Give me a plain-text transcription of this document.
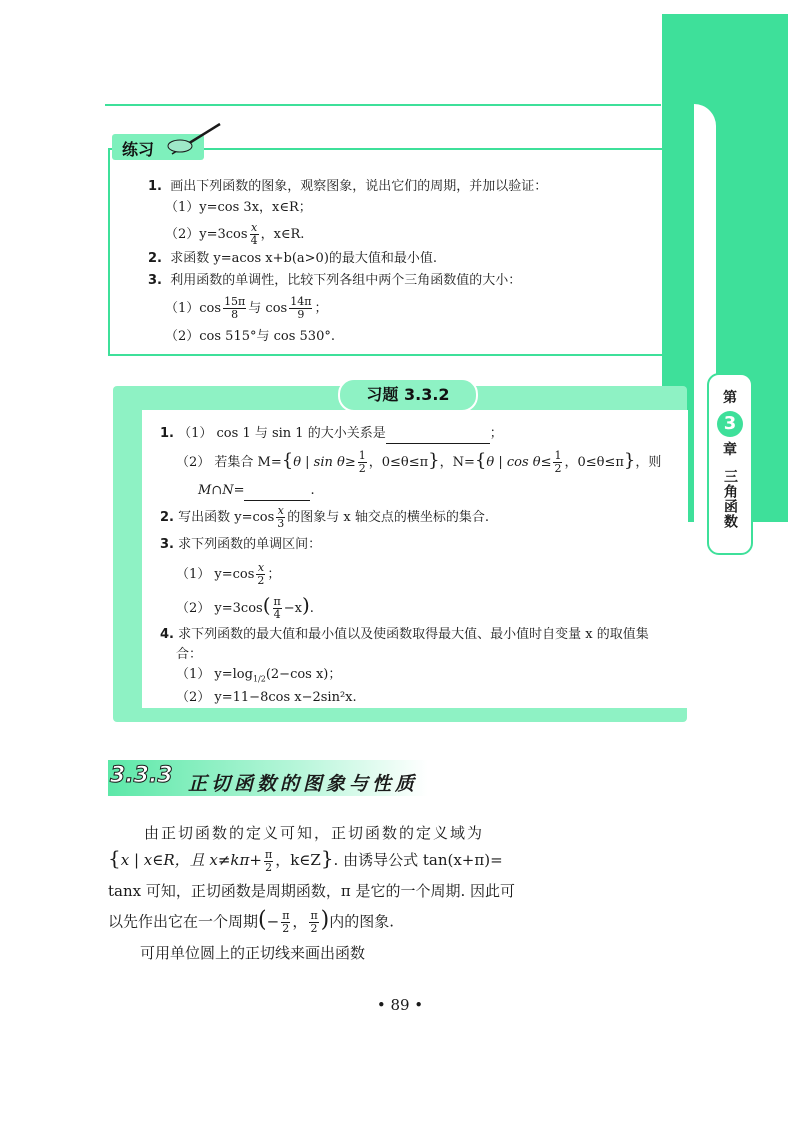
第
3
章
三角函数
练习
1. 画出下列函数的图象，观察图象，说出它们的周期，并加以验证：
（1）y=cos 3x，x∈R；
$(2)y=3\cos \frac{x}{4}$ ，x∈R.
2. 求函数 y=acos x+b(a>0)的最大值和最小值.
3. 利用函数的单调性，比较下列各组中两个三角函数值的大小：
$(1)\cos \frac{15\pi}{8}$ 与 $\cos \frac{14\pi}{9}$ ；
（2）cos 515°与 cos 530°.
习题 3.3.2
1. （1） cos 1 与 sin 1 的大小关系是	；
（2） 若集合 M={θ | $\sin \theta\ge \frac{1}{2}$ ，0≤θ≤π}，N={θ | $\cos \theta\le \frac{1}{2}$ ，0≤θ≤π}，则
M∩N=	.
2. 写出函数 $y=\cos \frac{x}{3}$ 的图象与 x 轴交点的横坐标的集合.
3. 求下列函数的单调区间：
（1） $y=\cos \frac{x}{2}$ ；
（2） $y=3\cos( \frac{\pi}{4} -x)$.
4. 求下列函数的最大值和最小值以及使函数取得最大值、最小值时自变量 x 的取值集
合：
（1） $y=\log_{1/2}(2-\cos$ x)；
（2） y=11−8cos x−2sin²x.
3.3.3 正切函数的图象与性质
由正切函数的定义可知，正切函数的定义域为
{x | x∈R，且 $x\ne k\pi+ \frac{\pi}{2}$ ，k∈Z}. 由诱导公式 tan(x+π)=
tanx 可知，正切函数是周期函数，π 是它的一个周期. 因此可
以先作出它在一个周期(− $\frac{\pi}{2}$ ， $\frac{\pi}{2}$ )内的图象.
可用单位圆上的正切线来画出函数
• 89 •
